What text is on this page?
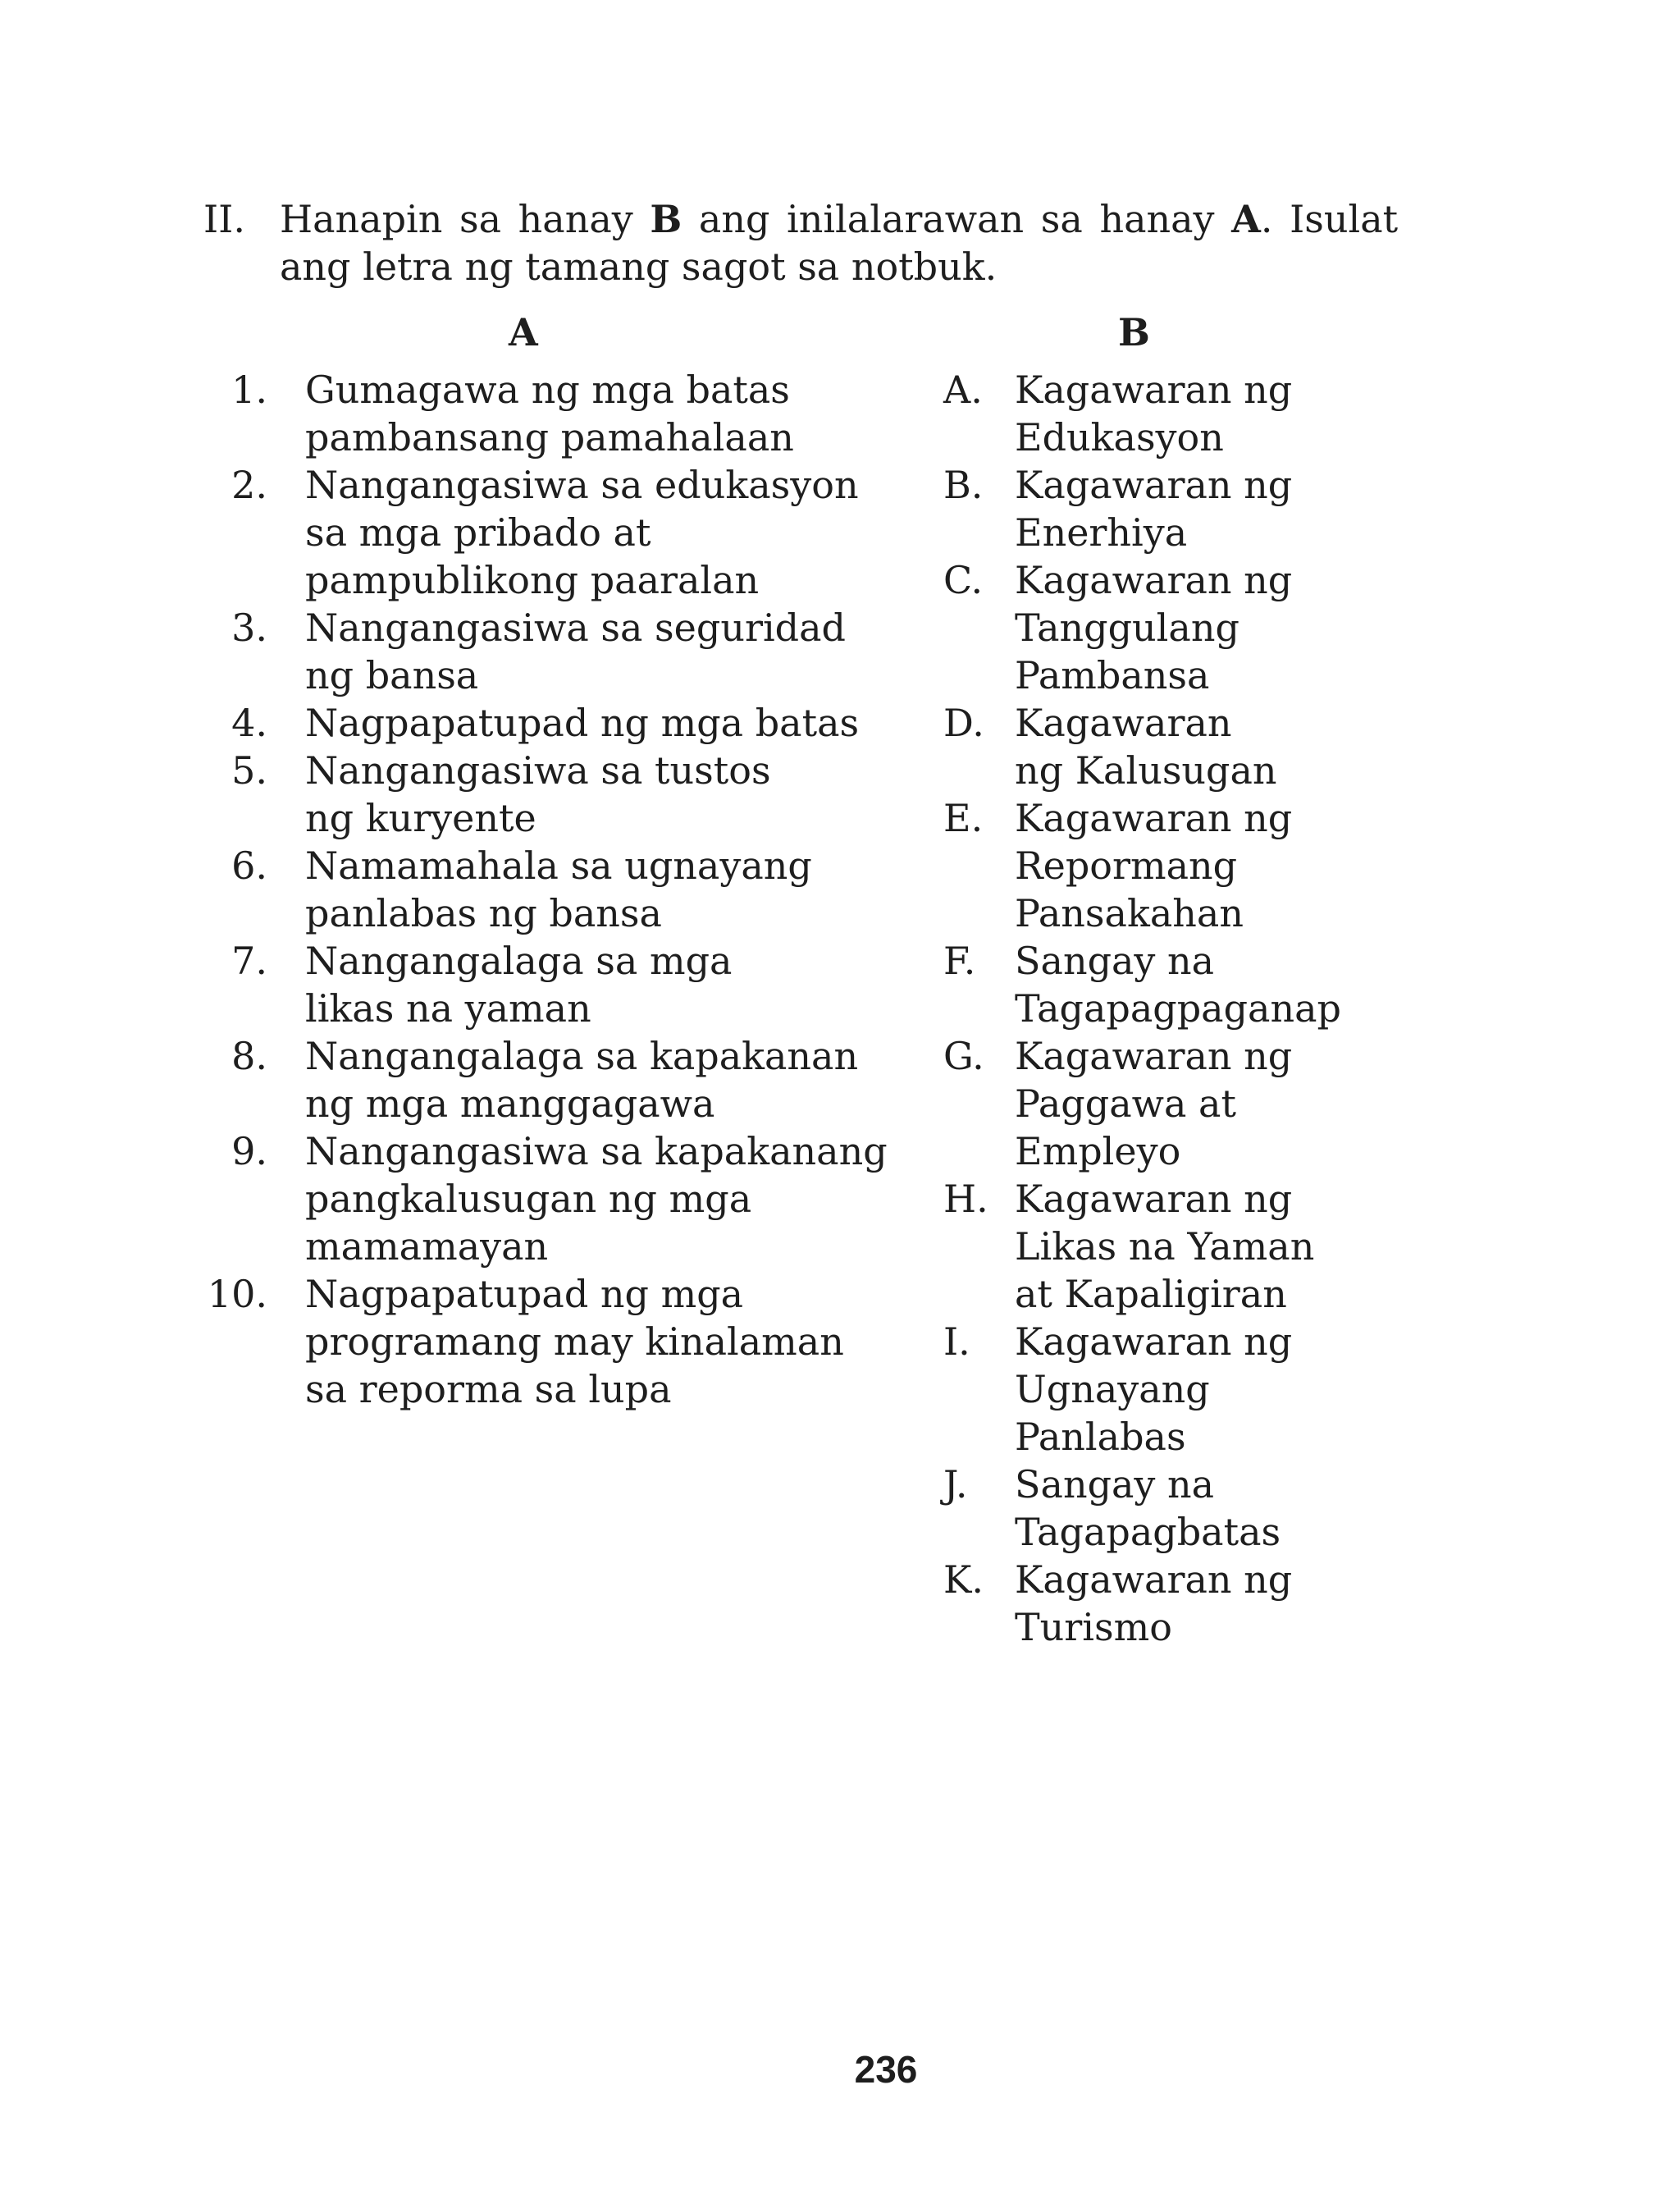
II. Hanapin sa hanay B ang inilalarawan sa hanay A. Isulat
ang letra ng tamang sagot sa notbuk.
A	B
1. Gumagawa ng mga batas
pambansang pamahalaan
2. Nangangasiwa sa edukasyon
sa mga pribado at
pampublikong paaralan
3. Nangangasiwa sa seguridad
ng bansa
4. Nagpapatupad ng mga batas
5. Nangangasiwa sa tustos
ng kuryente
6. Namamahala sa ugnayang
panlabas ng bansa
7. Nangangalaga sa mga
likas na yaman
8. Nangangalaga sa kapakanan
ng mga manggagawa
9. Nangangasiwa sa kapakanang
pangkalusugan ng mga
mamamayan
10. Nagpapatupad ng mga
programang may kinalaman
sa reporma sa lupa
A. Kagawaran ng
Edukasyon
B. Kagawaran ng
Enerhiya
C. Kagawaran ng
Tanggulang
Pambansa
D. Kagawaran
ng Kalusugan
E. Kagawaran ng
Repormang
Pansakahan
F. Sangay na
Tagapagpaganap
G. Kagawaran ng
Paggawa at
Empleyo
H. Kagawaran ng
Likas na Yaman
at Kapaligiran
I. Kagawaran ng
Ugnayang
Panlabas
J. Sangay na
Tagapagbatas
K. Kagawaran ng
Turismo
236
